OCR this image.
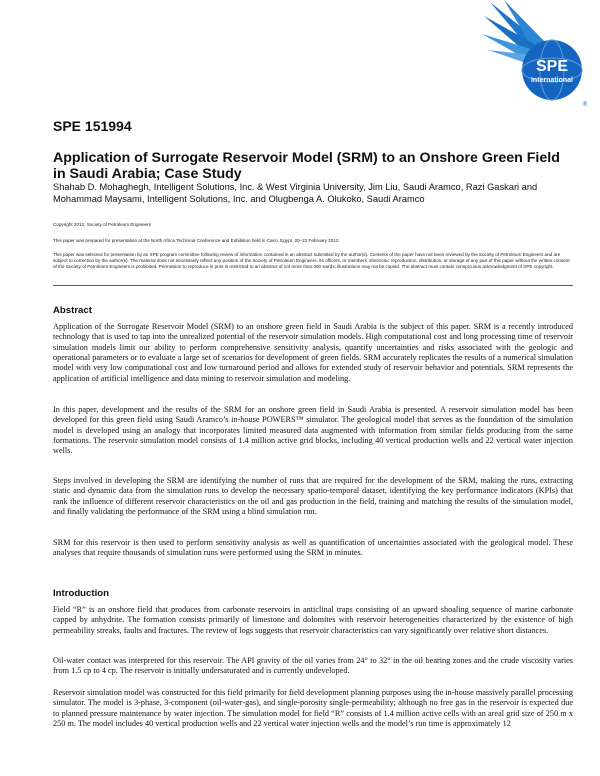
SPE
International
®
SPE 151994
Application of Surrogate Reservoir Model (SRM) to an Onshore Green Field in Saudi Arabia; Case Study
Shahab D. Mohaghegh, Intelligent Solutions, Inc. & West Virginia University, Jim Liu, Saudi Aramco, Razi Gaskari and Mohammad Maysami, Intelligent Solutions, Inc. and Olugbenga A. Olukoko, Saudi Aramco
Copyright 2012, Society of Petroleum Engineers
This paper was prepared for presentation at the North Africa Technical Conference and Exhibition held in Cairo, Egypt, 20–22 February 2012.
This paper was selected for presentation by an SPE program committee following review of information contained in an abstract submitted by the author(s). Contents of the paper have not been reviewed by the Society of Petroleum Engineers and are subject to correction by the author(s). The material does not necessarily reflect any position of the Society of Petroleum Engineers, its officers, or members. Electronic reproduction, distribution, or storage of any part of this paper without the written consent of the Society of Petroleum Engineers is prohibited. Permission to reproduce in print is restricted to an abstract of not more than 300 words; illustrations may not be copied. The abstract must contain conspicuous acknowledgment of SPE copyright.
Abstract

Application of the Surrogate Reservoir Model (SRM) to an onshore green field in Saudi Arabia is the subject of this paper. SRM is a recently introduced technology that is used to tap into the unrealized potential of the reservoir simulation models. High computational cost and long processing time of reservoir simulation models limit our ability to perform comprehensive sensitivity analysis, quantify uncertainties and risks associated with the geologic and operational parameters or to evaluate a large set of scenarios for development of green fields. SRM accurately replicates the results of a numerical simulation model with very low computational cost and low turnaround period and allows for extended study of reservoir behavior and potentials. SRM represents the application of artificial intelligence and data mining to reservoir simulation and modeling.

In this paper, development and the results of the SRM for an onshore green field in Saudi Arabia is presented. A reservoir simulation model has been developed for this green field using Saudi Aramco’s in-house POWERS™ simulator. The geological model that serves as the foundation of the simulation model is developed using an analogy that incorporates limited measured data augmented with information from similar fields producing from the same formations. The reservoir simulation model consists of 1.4 million active grid blocks, including 40 vertical production wells and 22 vertical water injection wells.

Steps involved in developing the SRM are identifying the number of runs that are required for the development of the SRM, making the runs, extracting static and dynamic data from the simulation runs to develop the necessary spatio-temporal dataset, identifying the key performance indicators (KPIs) that rank the influence of different reservoir characteristics on the oil and gas production in the field, training and matching the results of the simulation model, and finally validating the performance of the SRM using a blind simulation run.

SRM for this reservoir is then used to perform sensitivity analysis as well as quantification of uncertainties associated with the geological model. These analyses that require thousands of simulation runs were performed using the SRM in minutes.

Introduction

Field “R” is an onshore field that produces from carbonate reservoirs in anticlinal traps consisting of an upward shoaling sequence of marine carbonate capped by anhydrite. The formation consists primarily of limestone and dolomites with reservoir heterogeneities characterized by the existence of high permeability streaks, faults and fractures. The review of logs suggests that reservoir characteristics can vary significantly over relative short distances.

Oil-water contact was interpreted for this reservoir. The API gravity of the oil varies from 24° to 32° in the oil bearing zones and the crude viscosity varies from 1.5 cp to 4 cp. The reservoir is initially undersaturated and is currently undeveloped.

Reservoir simulation model was constructed for this field primarily for field development planning purposes using the in-house massively parallel processing simulator. The model is 3-phase, 3-component (oil-water-gas), and single-porosity single-permeability; although no free gas in the reservoir is expected due to planned pressure maintenance by water injection. The simulation model for field “R” consists of 1.4 million active cells with an areal grid size of 250 m x 250 m. The model includes 40 vertical production wells and 22 vertical water injection wells and the model’s run time is approximately 12
